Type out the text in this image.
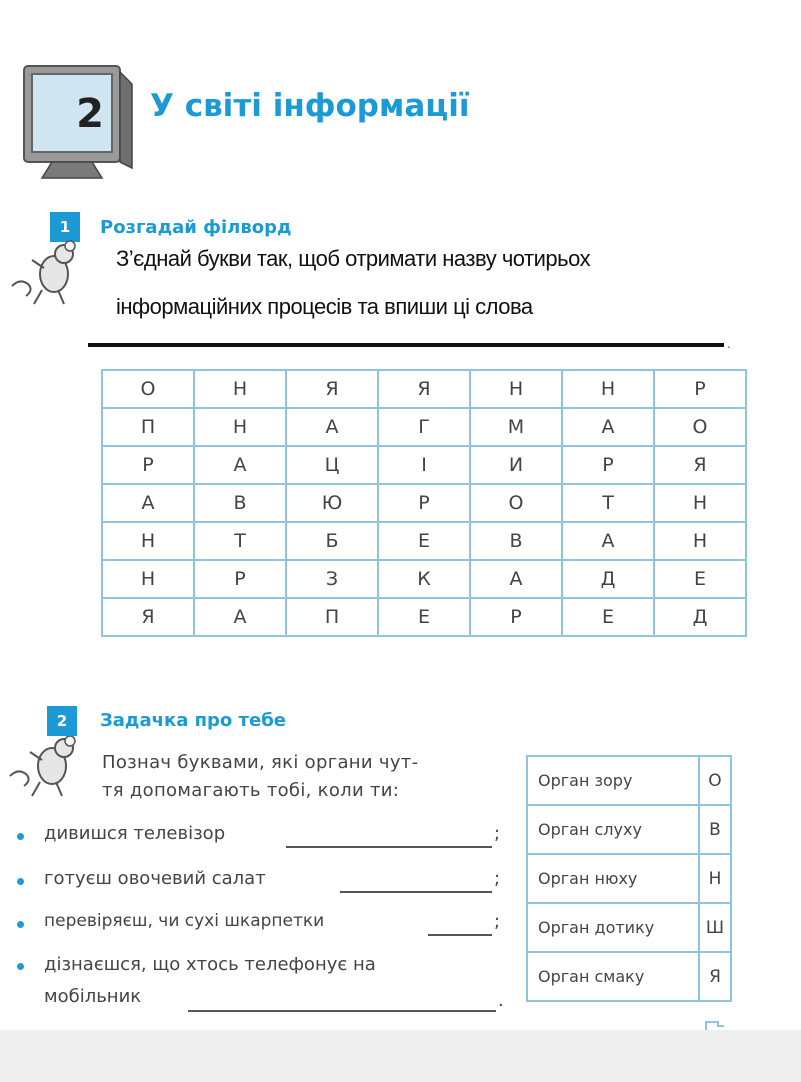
2 У світі інформації
1	Розгадай філворд
З’єднай букви так, щоб отримати назву чотирьох
інформаційних процесів та впиши ці слова
.
О	Н	Я	Я	Н	Н	Р
П	Н	А	Г	М	А	О
Р	А	Ц	І	И	Р	Я
А	В	Ю	Р	О	Т	Н
Н	Т	Б	Е	В	А	Н
Н	Р	З	К	А	Д	Е
Я	А	П	Е	Р	Е	Д
2	Задачка про тебе
Познач буквами, які органи чут-
тя допомагають тобі, коли ти:
дивишся телевізор	;
готуєш овочевий салат	;
перевіряєш, чи сухі шкарпетки	;
дізнаєшся, що хтось телефонує на
мобільник	.
Орган зору	О
Орган слуху	В
Орган нюху	Н
Орган дотику	Ш
Орган смаку	Я
